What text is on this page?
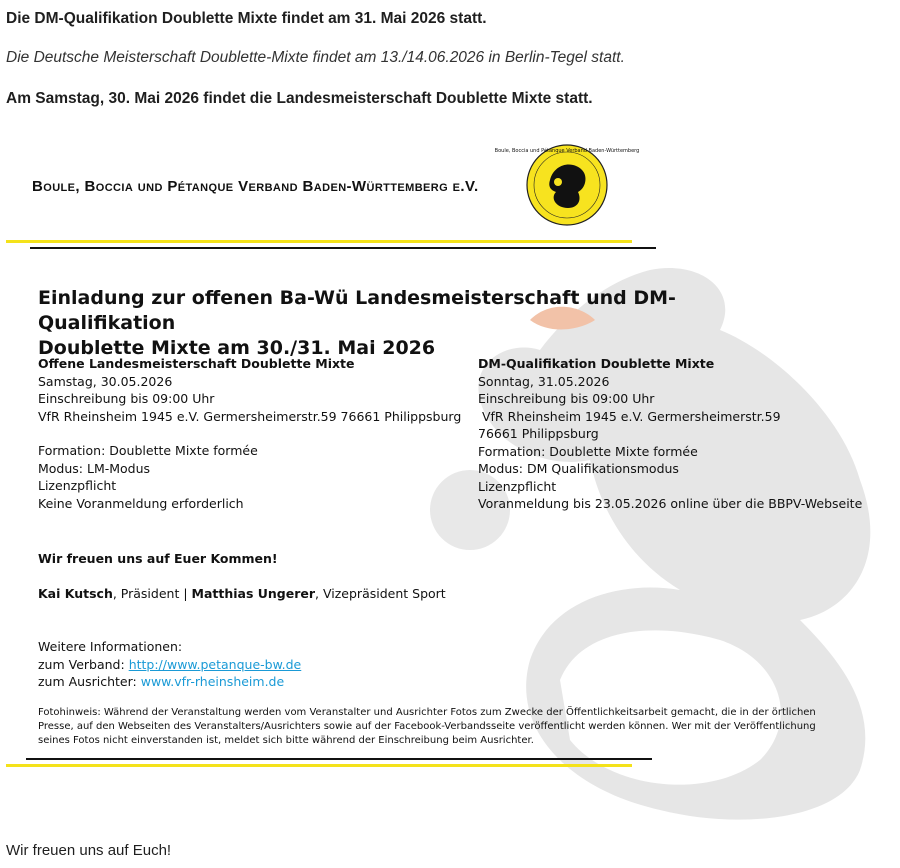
Die DM-Qualifikation Doublette Mixte findet am 31. Mai 2026 statt.

Die Deutsche Meisterschaft Doublette-Mixte findet am 13./14.06.2026 in Berlin-Tegel statt.

Am Samstag, 30. Mai 2026 findet die Landesmeisterschaft Doublette Mixte statt.

Boule, Boccia und Pétanque Verband Baden-Württemberg e.V.
Boule, Boccia und Pétanque Verband Baden-Württemberg
Einladung zur offenen Ba-Wü Landesmeisterschaft und DM-Qualifikation
Doublette Mixte am 30./31. Mai 2026

Offene Landesmeisterschaft Doublette Mixte

Samstag, 30.05.2026

Einschreibung bis 09:00 Uhr

VfR Rheinsheim 1945 e.V. Germersheimerstr.59 76661 Philippsburg

Formation: Doublette Mixte formée

Modus: LM-Modus

Lizenzpflicht

Keine Voranmeldung erforderlich

DM-Qualifikation Doublette Mixte

Sonntag, 31.05.2026

Einschreibung bis 09:00 Uhr

VfR Rheinsheim 1945 e.V. Germersheimerstr.59

76661 Philippsburg

Formation: Doublette Mixte formée

Modus: DM Qualifikationsmodus

Lizenzpflicht

Voranmeldung bis 23.05.2026 online über die BBPV-Webseite

Wir freuen uns auf Euer Kommen!
Kai Kutsch, Präsident | Matthias Ungerer, Vizepräsident Sport
Weitere Informationen:
zum Verband: http://www.petanque-bw.de
zum Ausrichter: www.vfr-rheinsheim.de
Fotohinweis: Während der Veranstaltung werden vom Veranstalter und Ausrichter Fotos zum Zwecke der Öffentlichkeitsarbeit gemacht, die in der örtlichen Presse, auf den Webseiten des Veranstalters/Ausrichters sowie auf der Facebook-Verbandsseite veröffentlicht werden können. Wer mit der Veröffentlichung seines Fotos nicht einverstanden ist, meldet sich bitte während der Einschreibung beim Ausrichter.

Wir freuen uns auf Euch!
